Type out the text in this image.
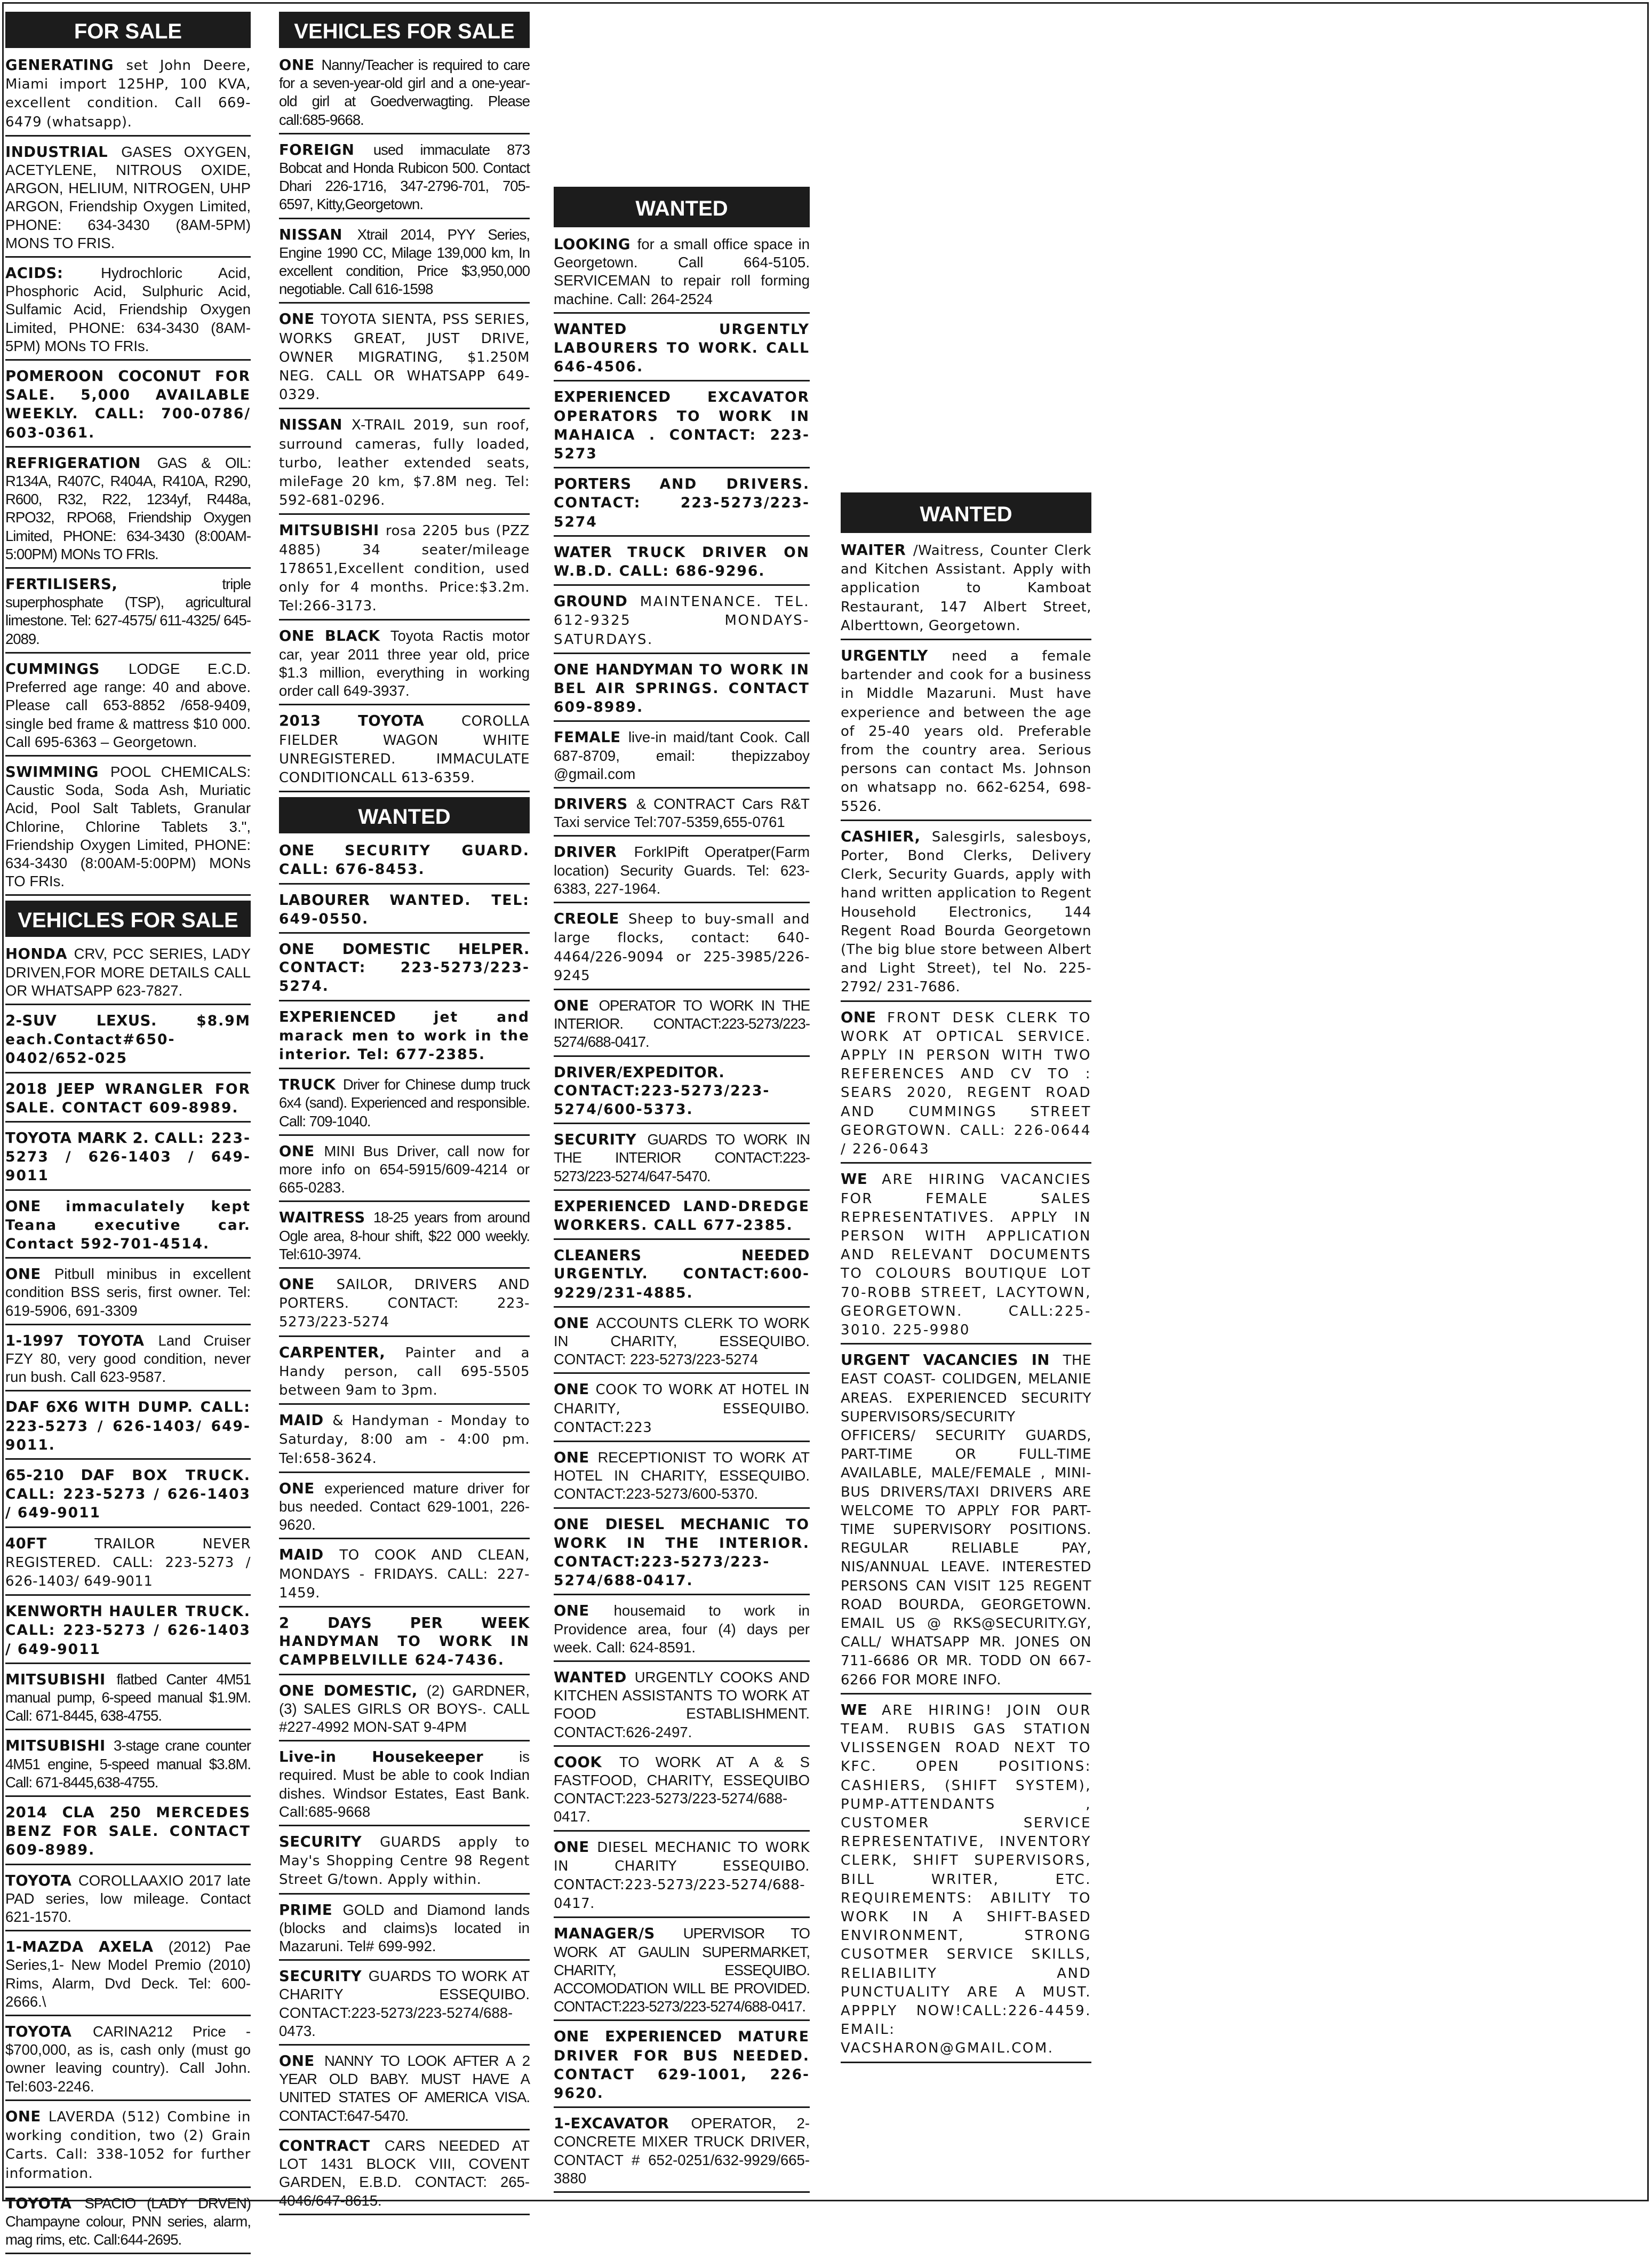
FOR SALE
GENERATING set John Deere, Miami import 125HP, 100 KVA, excellent condition. Call 669-6479 (whatsapp).
INDUSTRIAL GASES OXYGEN, ACETYLENE, NITROUS OXIDE, ARGON, HELIUM, NITROGEN, UHP ARGON, Friendship Oxygen Limited, PHONE: 634-3430 (8AM-5PM) MONS TO FRIS.
ACIDS:	Hydrochloric Acid, Phosphoric Acid, Sulphuric Acid, Sulfamic Acid, Friendship Oxygen Limited, PHONE: 634-3430 (8AM-5PM) MONs TO FRIs.
POMEROON COCONUT FOR SALE. 5,000 AVAILABLE WEEKLY. CALL: 700-0786/ 603-0361.
REFRIGERATION GAS & OIL: R134A, R407C, R404A, R410A, R290, R600, R32, R22, 1234yf, R448a, RPO32, RPO68, Friendship Oxygen Limited, PHONE: 634-3430 (8:00AM-5:00PM) MONs TO FRIs.
FERTILISERS,	triple superphosphate (TSP), agricultural limestone. Tel: 627-4575/ 611-4325/ 645-2089.
CUMMINGS LODGE E.C.D. Preferred age range: 40 and above. Please call 653-8852 /658-9409, single bed frame & mattress $10 000. Call 695-6363 – Georgetown.
SWIMMING POOL CHEMICALS: Caustic Soda, Soda Ash, Muriatic Acid, Pool Salt Tablets, Granular Chlorine, Chlorine Tablets 3.", Friendship Oxygen Limited, PHONE: 634-3430 (8:00AM-5:00PM) MONs TO FRIs.
VEHICLES FOR SALE
HONDA CRV, PCC SERIES, LADY DRIVEN,FOR MORE DETAILS CALL OR WHATSAPP 623-7827.
2-SUV LEXUS.	$8.9M each.Contact#650-0402/652-025
2018 JEEP WRANGLER FOR SALE. CONTACT 609-8989.
TOYOTA MARK 2. CALL: 223-5273 / 626-1403 / 649-9011
ONE immaculately kept Teana executive car. Contact 592-701-4514.
ONE Pitbull minibus in excellent condition BSS seris, first owner. Tel: 619-5906, 691-3309
1-1997 TOYOTA Land Cruiser FZY 80, very good condition, never run bush. Call 623-9587.
DAF 6X6 WITH DUMP. CALL: 223-5273 / 626-1403/ 649-9011.
65-210 DAF BOX TRUCK. CALL: 223-5273 / 626-1403 / 649-9011
40FT	TRAILOR NEVER REGISTERED. CALL: 223-5273 / 626-1403/ 649-9011
KENWORTH HAULER TRUCK. CALL: 223-5273 / 626-1403 / 649-9011
MITSUBISHI flatbed Canter 4M51 manual pump, 6-speed manual $1.9M. Call: 671-8445, 638-4755.
MITSUBISHI 3-stage crane counter 4M51 engine, 5-speed manual $3.8M. Call: 671-8445,638-4755.
2014 CLA 250 MERCEDES BENZ FOR SALE. CONTACT 609-8989.
TOYOTA COROLLAAXIO 2017 late PAD series, low mileage. Contact 621-1570.
1-MAZDA AXELA (2012) Pae Series,1- New Model Premio (2010) Rims, Alarm, Dvd Deck. Tel: 600-2666.\
TOYOTA CARINA212 Price - $700,000, as is, cash only (must go owner leaving country). Call John. Tel:603-2246.
ONE LAVERDA (512) Combine in working condition, two (2) Grain Carts. Call: 338-1052 for further information.
TOYOTA SPACIO (LADY DRVEN) Champayne colour, PNN series, alarm, mag rims, etc. Call:644-2695.
VEHICLES FOR SALE
ONE Nanny/Teacher is required to care for a seven-year-old girl and a one-year-old girl at Goedverwagting. Please call:685-9668.
FOREIGN used immaculate 873 Bobcat and Honda Rubicon 500. Contact Dhari 226-1716, 347-2796-701, 705-6597, Kitty,Georgetown.
NISSAN Xtrail 2014, PYY Series, Engine 1990 CC, Milage 139,000 km, In excellent condition, Price $3,950,000 negotiable. Call 616-1598
ONE TOYOTA SIENTA, PSS SERIES, WORKS GREAT, JUST DRIVE, OWNER MIGRATING, $1.250M NEG. CALL OR WHATSAPP 649-0329.
NISSAN X-TRAIL 2019, sun roof, surround cameras, fully loaded, turbo, leather extended seats, mileFage 20 km, $7.8M neg. Tel: 592-681-0296.
MITSUBISHI rosa 2205 bus (PZZ 4885) 34 seater/mileage 178651,Excellent condition, used only for 4 months. Price:$3.2m. Tel:266-3173.
ONE BLACK Toyota Ractis motor car, year 2011 three year old, price $1.3 million, everything in working order call 649-3937.
2013 TOYOTA	COROLLA FIELDER WAGON WHITE UNREGISTERED. IMMACULATE CONDITIONCALL 613-6359.
WANTED
ONE SECURITY GUARD. CALL: 676-8453.
LABOURER WANTED. TEL: 649-0550.
ONE DOMESTIC HELPER.CONTACT: 223-5273/223-5274.
EXPERIENCED	jet and marack men to work in the interior. Tel: 677-2385.
TRUCK Driver for Chinese dump truck 6x4 (sand). Experienced and responsible. Call: 709-1040.
ONE MINI Bus Driver, call now for more info on 654-5915/609-4214 or 665-0283.
WAITRESS 18-25 years from around Ogle area, 8-hour shift, $22 000 weekly. Tel:610-3974.
ONE SAILOR, DRIVERS AND PORTERS. CONTACT: 223-5273/223-5274
CARPENTER, Painter and a Handy person, call 695-5505 between 9am to 3pm.
MAID & Handyman - Monday to Saturday, 8:00 am - 4:00 pm. Tel:658-3624.
ONE experienced mature driver for bus needed. Contact 629-1001, 226-9620.
MAID TO COOK AND CLEAN, MONDAYS - FRIDAYS. CALL: 227-1459.
2 DAYS PER WEEKHANDYMAN TO WORK IN CAMPBELVILLE 624-7436.
ONE DOMESTIC, (2) GARDNER, (3) SALES GIRLS OR BOYS-. CALL #227-4992 MON-SAT 9-4PM
Live-in Housekeeper is required. Must be able to cook Indian dishes. Windsor Estates, East Bank. Call:685-9668
SECURITY GUARDS apply to May's Shopping Centre 98 Regent Street G/town. Apply within.
PRIME GOLD and Diamond lands (blocks and claims)s located in Mazaruni. Tel# 699-992.
SECURITY GUARDS TO WORK AT CHARITY ESSEQUIBO. CONTACT:223-5273/223-5274/688-0473.
ONE NANNY TO LOOK AFTER A 2 YEAR OLD BABY. MUST HAVE A UNITED STATES OF AMERICA VISA. CONTACT:647-5470.
CONTRACT CARS NEEDED AT LOT 1431 BLOCK VIII, COVENT GARDEN, E.B.D. CONTACT: 265-4046/647-8615.
WANTED
LOOKING for a small office space in Georgetown. Call 664-5105. SERVICEMAN to repair roll forming machine. Call: 264-2524
WANTED	URGENTLY LABOURERS TO WORK. CALL 646-4506.
EXPERIENCED	EXCAVATOR OPERATORS TO WORK IN MAHAICA . CONTACT: 223-5273
PORTERS AND DRIVERS. CONTACT: 223-5273/223-5274
WATER TRUCK DRIVER ON W.B.D. CALL: 686-9296.
GROUND MAINTENANCE. TEL. 612-9325 MONDAYS-SATURDAYS.
ONE HANDYMAN TO WORK IN BEL AIR SPRINGS. CONTACT 609-8989.
FEMALE live-in maid/tant Cook. Call 687-8709, email: thepizzaboy @gmail.com
DRIVERS & CONTRACT Cars R&T Taxi service Tel:707-5359,655-0761
DRIVER ForkIPift Operatper(Farm location) Security Guards. Tel: 623-6383, 227-1964.
CREOLE Sheep to buy-small and large flocks, contact: 640-4464/226-9094 or 225-3985/226-9245
ONE OPERATOR TO WORK IN THE INTERIOR. CONTACT:223-5273/223-5274/688-0417.
DRIVER/EXPEDITOR.CONTACT:223-5273/223-5274/600-5373.
SECURITY GUARDS TO WORK IN THE INTERIOR CONTACT:223-5273/223-5274/647-5470.
EXPERIENCED LAND-DREDGE WORKERS. CALL 677-2385.
CLEANERS NEEDEDURGENTLY. CONTACT:600-9229/231-4885.
ONE ACCOUNTS CLERK TO WORK IN CHARITY, ESSEQUIBO. CONTACT: 223-5273/223-5274
ONE COOK TO WORK AT HOTEL IN CHARITY, ESSEQUIBO. CONTACT:223
ONE RECEPTIONIST TO WORK AT HOTEL IN CHARITY, ESSEQUIBO. CONTACT:223-5273/600-5370.
ONE DIESEL MECHANIC TO WORK IN THE INTERIOR. CONTACT:223-5273/223-5274/688-0417.
ONE housemaid to work in Providence area, four (4) days per week. Call: 624-8591.
WANTED URGENTLY COOKS AND KITCHEN ASSISTANTS TO WORK AT FOOD ESTABLISHMENT. CONTACT:626-2497.
COOK TO WORK AT A & S FASTFOOD, CHARITY, ESSEQUIBO CONTACT:223-5273/223-5274/688-0417.
ONE DIESEL MECHANIC TO WORK IN CHARITY ESSEQUIBO. CONTACT:223-5273/223-5274/688-0417.
MANAGER/S UPERVISOR TO WORK AT GAULIN SUPERMARKET, CHARITY, ESSEQUIBO. ACCOMODATION WILL BE PROVIDED. CONTACT:223-5273/223-5274/688-0417.
ONE EXPERIENCED MATURE DRIVER FOR BUS NEEDED. CONTACT 629-1001, 226-9620.
1-EXCAVATOR OPERATOR, 2- CONCRETE MIXER TRUCK DRIVER, CONTACT # 652-0251/632-9929/665-3880
WANTED
WAITER /Waitress, Counter Clerk and Kitchen Assistant. Apply with application to Kamboat Restaurant, 147 Albert Street, Alberttown, Georgetown.
URGENTLY need a female bartender and cook for a business in Middle Mazaruni. Must have experience and between the age of 25-40 years old. Preferable from the country area. Serious persons can contact Ms. Johnson on whatsapp no. 662-6254, 698-5526.
CASHIER, Salesgirls, salesboys, Porter, Bond Clerks, Delivery Clerk, Security Guards, apply with hand written application to Regent Household Electronics, 144 Regent Road Bourda Georgetown (The big blue store between Albert and Light Street), tel No. 225-2792/ 231-7686.
ONE FRONT DESK CLERK TO WORK AT OPTICAL SERVICE. APPLY IN PERSON WITH TWO REFERENCES AND CV TO : SEARS 2020, REGENT ROAD AND CUMMINGS STREET GEORGTOWN. CALL: 226-0644 / 226-0643
WE ARE HIRING VACANCIES FOR FEMALE SALES REPRESENTATIVES. APPLY IN PERSON WITH APPLICATION AND RELEVANT DOCUMENTS TO COLOURS BOUTIQUE LOT 70-ROBB STREET, LACYTOWN, GEORGETOWN. CALL:225-3010. 225-9980
URGENT VACANCIES IN THE EAST COAST- COLIDGEN, MELANIE AREAS. EXPERIENCED SECURITY SUPERVISORS/SECURITY OFFICERS/ SECURITY GUARDS, PART-TIME OR FULL-TIME AVAILABLE, MALE/FEMALE , MINI-BUS DRIVERS/TAXI DRIVERS ARE WELCOME TO APPLY FOR PART-TIME SUPERVISORY POSITIONS. REGULAR RELIABLE PAY, NIS/ANNUAL LEAVE. INTERESTED PERSONS CAN VISIT 125 REGENT ROAD BOURDA, GEORGETOWN. EMAIL US @ RKS@SECURITY.GY, CALL/ WHATSAPP MR. JONES ON 711-6686 OR MR. TODD ON 667-6266 FOR MORE INFO.
WE ARE HIRING! JOIN OUR TEAM. RUBIS GAS STATION VLISSENGEN ROAD NEXT TO KFC. OPEN POSITIONS: CASHIERS, (SHIFT SYSTEM), PUMP-ATTENDANTS , CUSTOMER SERVICE REPRESENTATIVE, INVENTORY CLERK, SHIFT SUPERVISORS, BILL WRITER, ETC. REQUIREMENTS: ABILITY TO WORK IN A SHIFT-BASED ENVIRONMENT, STRONG CUSOTMER SERVICE SKILLS, RELIABILITY AND PUNCTUALITY ARE A MUST. APPPLY NOW!CALL:226-4459. EMAIL: VACSHARON@GMAIL.COM.
